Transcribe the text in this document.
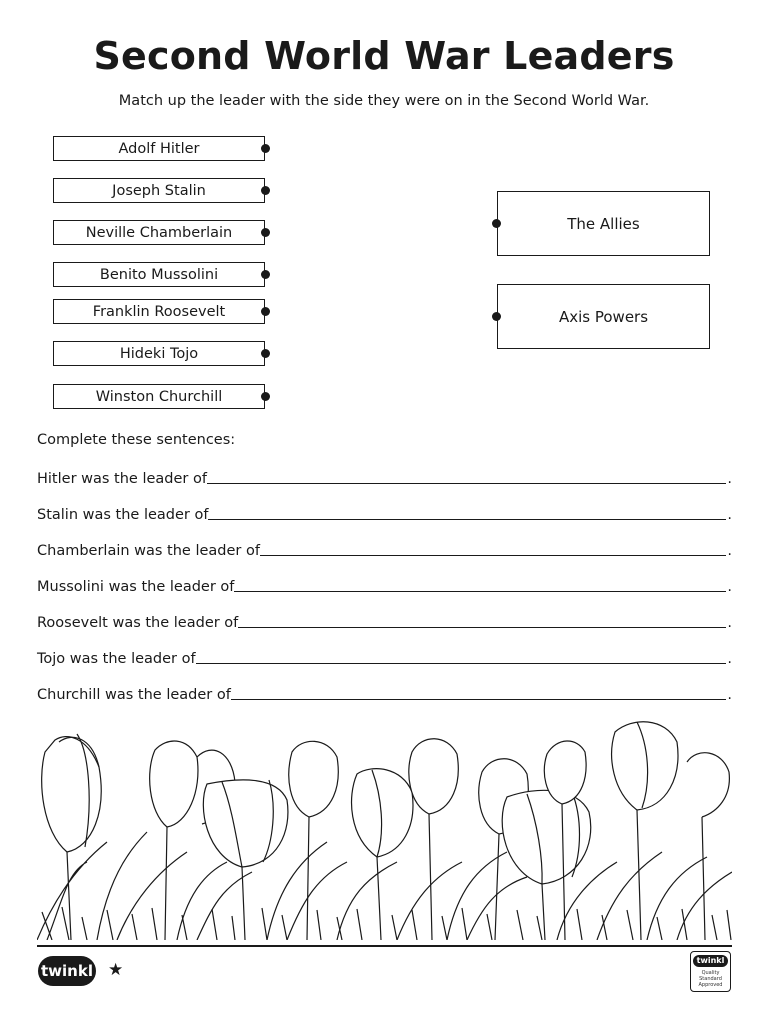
Second World War Leaders
Match up the leader with the side they were on in the Second World War.
Adolf Hitler
Joseph Stalin
Neville Chamberlain
Benito Mussolini
Franklin Roosevelt
Hideki Tojo
Winston Churchill
The Allies
Axis Powers
Complete these sentences:
Hitler was the leader of	.
Stalin was the leader of	.
Chamberlain was the leader of	.
Mussolini was the leader of	.
Roosevelt was the leader of	.
Tojo was the leader of	.
Churchill was the leader of	.
twinkl ★	twinkl
Quality Standard Approved
